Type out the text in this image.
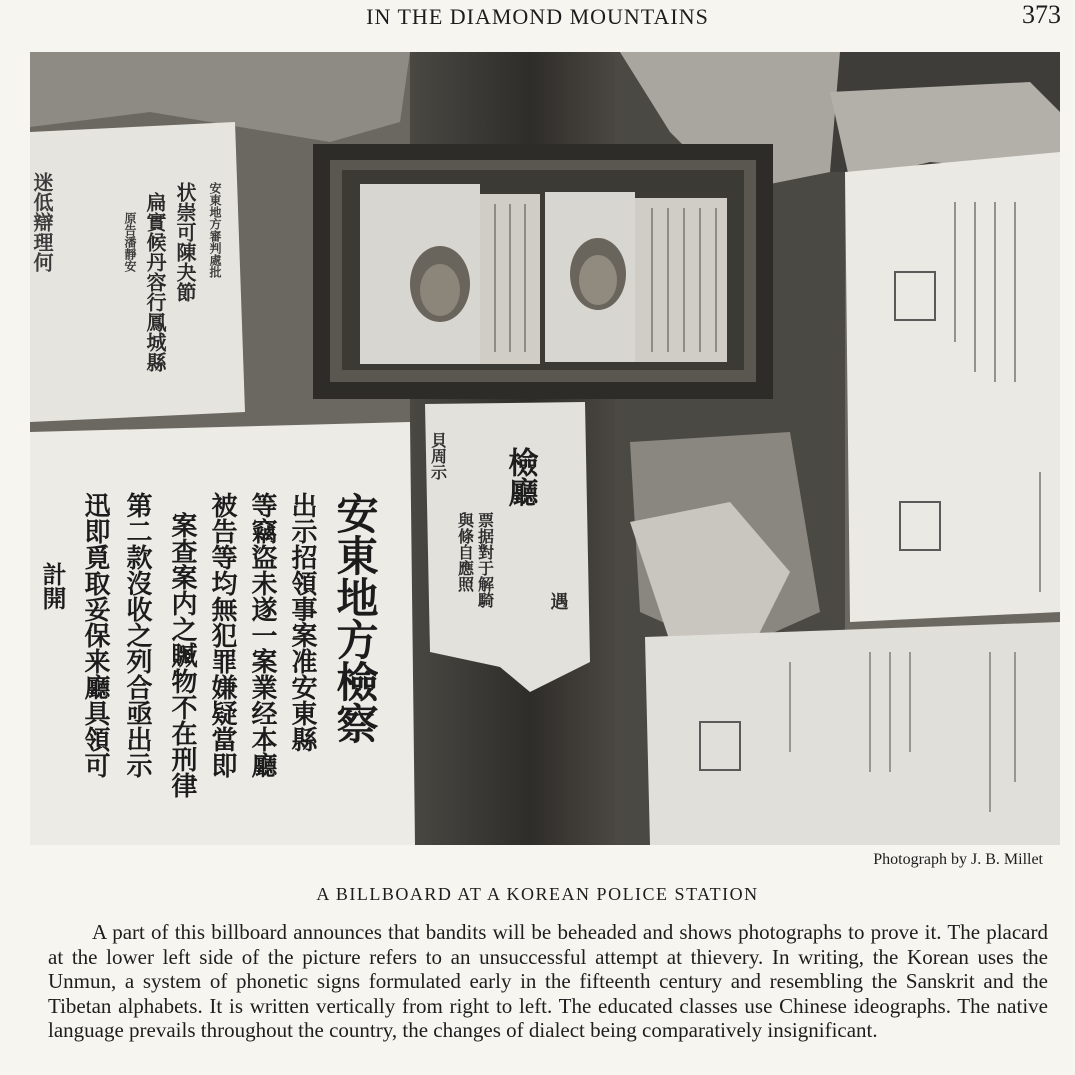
IN THE DIAMOND MOUNTAINS	373
状崇可陳夬節
扁實候丹容行鳳城縣	安東地方審判處批
原告潘靜安
迷低辯理何
安東地方檢察
出示招領事案准安東縣
等竊盜未遂一案業经本廳
被告等均無犯罪嫌疑當即
案查案内之贓物不在刑律
第二款沒收之列合亟出示
迅即覓取妥保来廳具領可
計開
檢廳
票据對于解騎
與條自應照
貝周示
遇
Photograph by J. B. Millet
A BILLBOARD AT A KOREAN POLICE STATION
A part of this billboard announces that bandits will be beheaded and shows photographs to prove it. The placard at the lower left side of the picture refers to an unsuccessful attempt at thievery. In writing, the Korean uses the Unmun, a system of phonetic signs formulated early in the fifteenth century and resembling the Sanskrit and the Tibetan alphabets. It is written vertically from right to left. The educated classes use Chinese ideographs. The native language prevails throughout the country, the changes of dialect being comparatively insignificant.
